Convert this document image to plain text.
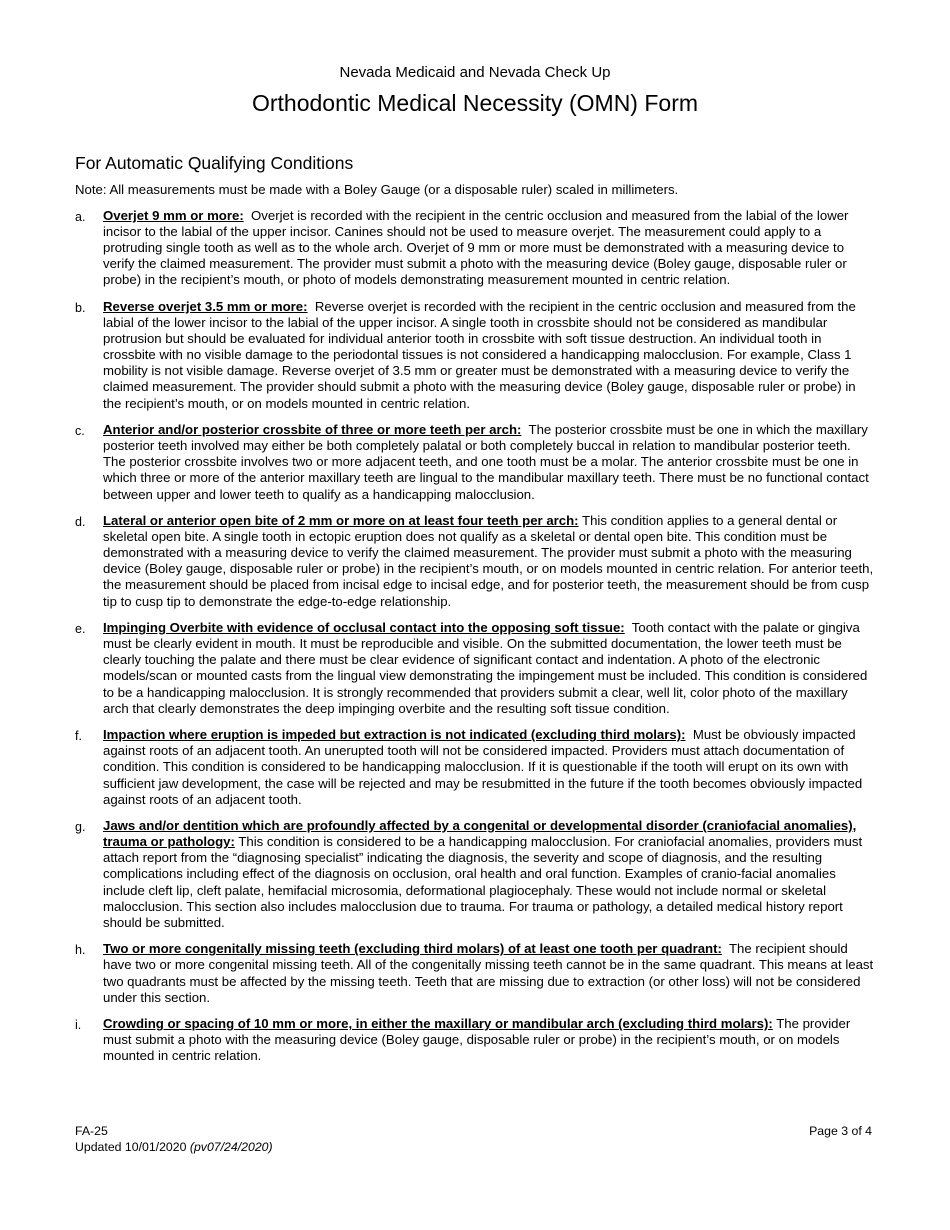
Nevada Medicaid and Nevada Check Up
Orthodontic Medical Necessity (OMN) Form
For Automatic Qualifying Conditions
Note: All measurements must be made with a Boley Gauge (or a disposable ruler) scaled in millimeters.
a. Overjet 9 mm or more: Overjet is recorded with the recipient in the centric occlusion and measured from the labial of the lower incisor to the labial of the upper incisor. Canines should not be used to measure overjet. The measurement could apply to a protruding single tooth as well as to the whole arch. Overjet of 9 mm or more must be demonstrated with a measuring device to verify the claimed measurement. The provider must submit a photo with the measuring device (Boley gauge, disposable ruler or probe) in the recipient’s mouth, or photo of models demonstrating measurement mounted in centric relation.
b. Reverse overjet 3.5 mm or more: Reverse overjet is recorded with the recipient in the centric occlusion and measured from the labial of the lower incisor to the labial of the upper incisor. A single tooth in crossbite should not be considered as mandibular protrusion but should be evaluated for individual anterior tooth in crossbite with soft tissue destruction. An individual tooth in crossbite with no visible damage to the periodontal tissues is not considered a handicapping malocclusion. For example, Class 1 mobility is not visible damage. Reverse overjet of 3.5 mm or greater must be demonstrated with a measuring device to verify the claimed measurement. The provider should submit a photo with the measuring device (Boley gauge, disposable ruler or probe) in the recipient’s mouth, or on models mounted in centric relation.
c. Anterior and/or posterior crossbite of three or more teeth per arch: The posterior crossbite must be one in which the maxillary posterior teeth involved may either be both completely palatal or both completely buccal in relation to mandibular posterior teeth. The posterior crossbite involves two or more adjacent teeth, and one tooth must be a molar. The anterior crossbite must be one in which three or more of the anterior maxillary teeth are lingual to the mandibular maxillary teeth. There must be no functional contact between upper and lower teeth to qualify as a handicapping malocclusion.
d. Lateral or anterior open bite of 2 mm or more on at least four teeth per arch: This condition applies to a general dental or skeletal open bite. A single tooth in ectopic eruption does not qualify as a skeletal or dental open bite. This condition must be demonstrated with a measuring device to verify the claimed measurement. The provider must submit a photo with the measuring device (Boley gauge, disposable ruler or probe) in the recipient’s mouth, or on models mounted in centric relation. For anterior teeth, the measurement should be placed from incisal edge to incisal edge, and for posterior teeth, the measurement should be from cusp tip to cusp tip to demonstrate the edge-to-edge relationship.
e. Impinging Overbite with evidence of occlusal contact into the opposing soft tissue: Tooth contact with the palate or gingiva must be clearly evident in mouth. It must be reproducible and visible. On the submitted documentation, the lower teeth must be clearly touching the palate and there must be clear evidence of significant contact and indentation. A photo of the electronic models/scan or mounted casts from the lingual view demonstrating the impingement must be included. This condition is considered to be a handicapping malocclusion. It is strongly recommended that providers submit a clear, well lit, color photo of the maxillary arch that clearly demonstrates the deep impinging overbite and the resulting soft tissue condition.
f. Impaction where eruption is impeded but extraction is not indicated (excluding third molars): Must be obviously impacted against roots of an adjacent tooth. An unerupted tooth will not be considered impacted. Providers must attach documentation of condition. This condition is considered to be handicapping malocclusion. If it is questionable if the tooth will erupt on its own with sufficient jaw development, the case will be rejected and may be resubmitted in the future if the tooth becomes obviously impacted against roots of an adjacent tooth.
g. Jaws and/or dentition which are profoundly affected by a congenital or developmental disorder (craniofacial anomalies), trauma or pathology: This condition is considered to be a handicapping malocclusion. For craniofacial anomalies, providers must attach report from the “diagnosing specialist” indicating the diagnosis, the severity and scope of diagnosis, and the resulting complications including effect of the diagnosis on occlusion, oral health and oral function. Examples of cranio-facial anomalies include cleft lip, cleft palate, hemifacial microsomia, deformational plagiocephaly. These would not include normal or skeletal malocclusion. This section also includes malocclusion due to trauma. For trauma or pathology, a detailed medical history report should be submitted.
h. Two or more congenitally missing teeth (excluding third molars) of at least one tooth per quadrant: The recipient should have two or more congenital missing teeth. All of the congenitally missing teeth cannot be in the same quadrant. This means at least two quadrants must be affected by the missing teeth. Teeth that are missing due to extraction (or other loss) will not be considered under this section.
i. Crowding or spacing of 10 mm or more, in either the maxillary or mandibular arch (excluding third molars): The provider must submit a photo with the measuring device (Boley gauge, disposable ruler or probe) in the recipient’s mouth, or on models mounted in centric relation.
FA-25
Updated 10/01/2020 (pv07/24/2020)
Page 3 of 4
